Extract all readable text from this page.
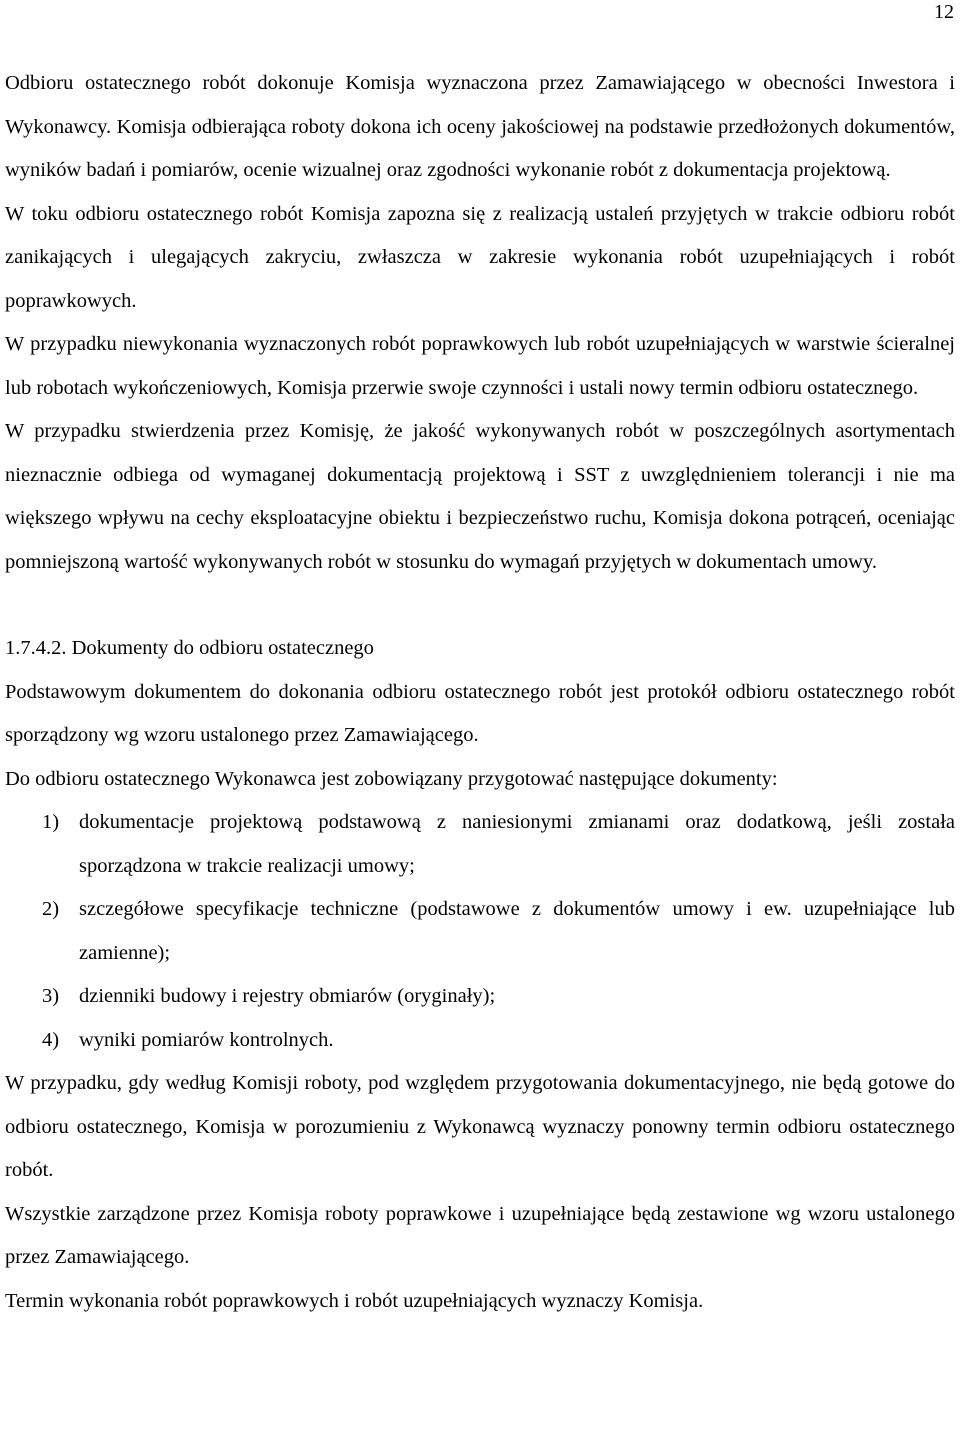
12

Odbioru ostatecznego robót dokonuje Komisja wyznaczona przez Zamawiającego w obecności Inwestora i Wykonawcy. Komisja odbierająca roboty dokona ich oceny jakościowej na podstawie przedłożonych dokumentów, wyników badań i pomiarów, ocenie wizualnej oraz zgodności wykonanie robót z dokumentacja projektową.

W toku odbioru ostatecznego robót Komisja zapozna się z realizacją ustaleń przyjętych w trakcie odbioru robót zanikających i ulegających zakryciu, zwłaszcza w zakresie wykonania robót uzupełniających i robót poprawkowych.

W przypadku niewykonania wyznaczonych robót poprawkowych lub robót uzupełniających w warstwie ścieralnej lub robotach wykończeniowych, Komisja przerwie swoje czynności i ustali nowy termin odbioru ostatecznego.

W przypadku stwierdzenia przez Komisję, że jakość wykonywanych robót w poszczególnych asortymentach nieznacznie odbiega od wymaganej dokumentacją projektową i SST z uwzględnieniem tolerancji i nie ma większego wpływu na cechy eksploatacyjne obiektu i bezpieczeństwo ruchu, Komisja dokona potrąceń, oceniając pomniejszoną wartość wykonywanych robót w stosunku do wymagań przyjętych w dokumentach umowy.

1.7.4.2. Dokumenty do odbioru ostatecznego

Podstawowym dokumentem do dokonania odbioru ostatecznego robót jest protokół odbioru ostatecznego robót sporządzony wg wzoru ustalonego przez Zamawiającego.

Do odbioru ostatecznego Wykonawca jest zobowiązany przygotować następujące dokumenty:

1) dokumentacje projektową podstawową z naniesionymi zmianami oraz dodatkową, jeśli została sporządzona w trakcie realizacji umowy;
2) szczegółowe specyfikacje techniczne (podstawowe z dokumentów umowy i ew. uzupełniające lub zamienne);
3) dzienniki budowy i rejestry obmiarów (oryginały);
4) wyniki pomiarów kontrolnych.

W przypadku, gdy według Komisji roboty, pod względem przygotowania dokumentacyjnego, nie będą gotowe do odbioru ostatecznego, Komisja w porozumieniu z Wykonawcą wyznaczy ponowny termin odbioru ostatecznego robót.

Wszystkie zarządzone przez Komisja roboty poprawkowe i uzupełniające będą zestawione wg wzoru ustalonego przez Zamawiającego.

Termin wykonania robót poprawkowych i robót uzupełniających wyznaczy Komisja.
